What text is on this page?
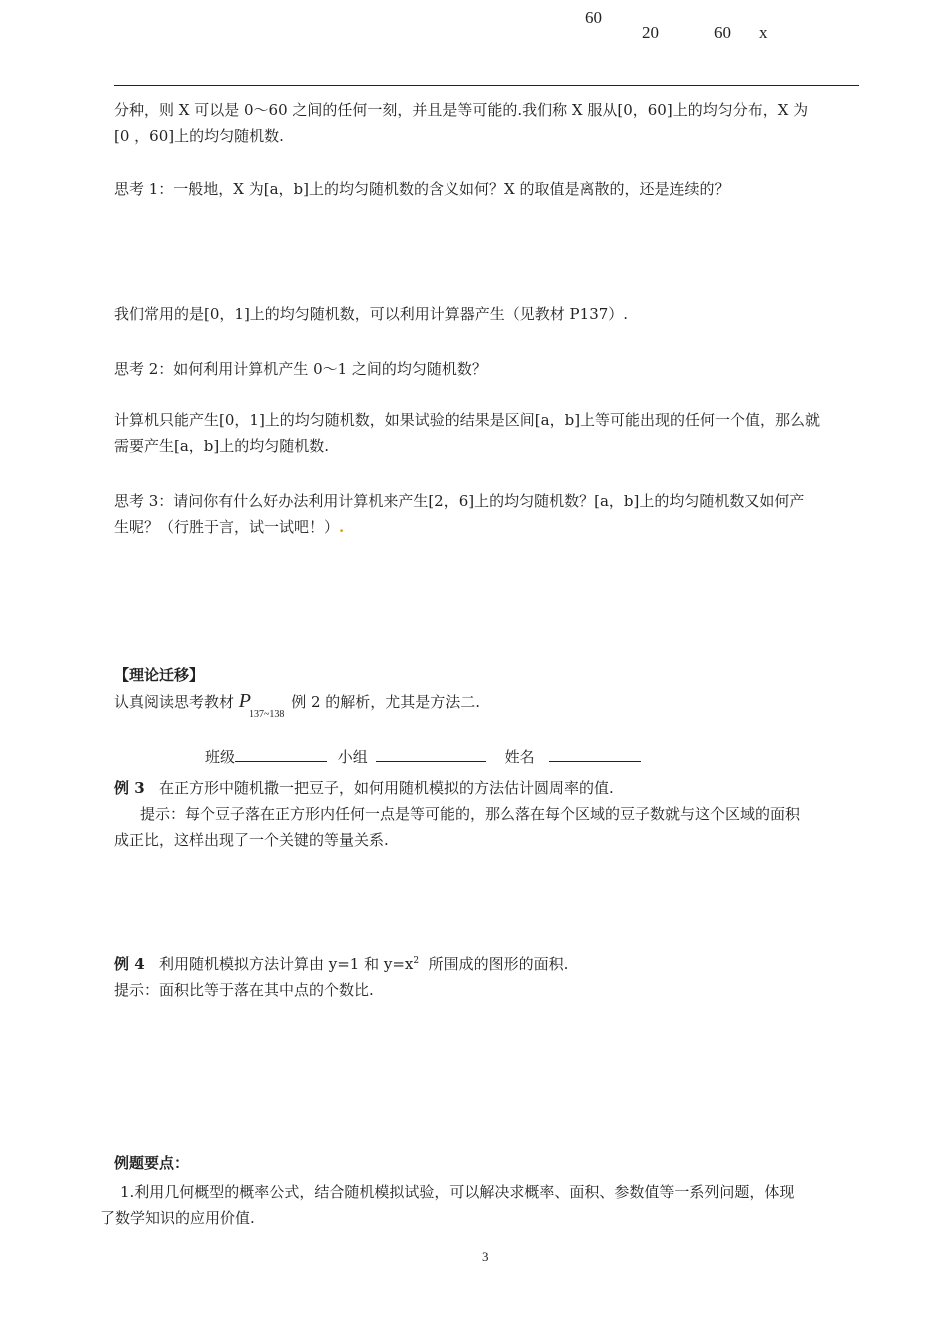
60
20	60 x
分种，则 X 可以是 0～60 之间的任何一刻，并且是等可能的.我们称 X 服从[0，60]上的均匀分布，X 为
[0 ，60]上的均匀随机数.
思考 1：一般地，X 为[a，b]上的均匀随机数的含义如何？X 的取值是离散的，还是连续的？
我们常用的是[0，1]上的均匀随机数，可以利用计算器产生（见教材 P137）.
思考 2：如何利用计算机产生 0～1 之间的均匀随机数？
计算机只能产生[0，1]上的均匀随机数，如果试验的结果是区间[a，b]上等可能出现的任何一个值，那么就
需要产生[a，b]上的均匀随机数.
思考 3：请问你有什么好办法利用计算机来产生[2，6]上的均匀随机数？[a，b]上的均匀随机数又如何产
生呢？（行胜于言，试一试吧！）.
【理论迁移】
认真阅读思考教材 $P_{137\sim 138}$ 例 2 的解析，尤其是方法二.
班级	小组	姓名
例 3 在正方形中随机撒一把豆子，如何用随机模拟的方法估计圆周率的值.
提示：每个豆子落在正方形内任何一点是等可能的，那么落在每个区域的豆子数就与这个区域的面积
成正比，这样出现了一个关键的等量关系.
例 4 利用随机模拟方法计算由 y=1 和 $y=x^2$ 所围成的图形的面积.
提示：面积比等于落在其中点的个数比.
例题要点：
1.利用几何概型的概率公式，结合随机模拟试验，可以解决求概率、面积、参数值等一系列问题，体现
了数学知识的应用价值.
3
